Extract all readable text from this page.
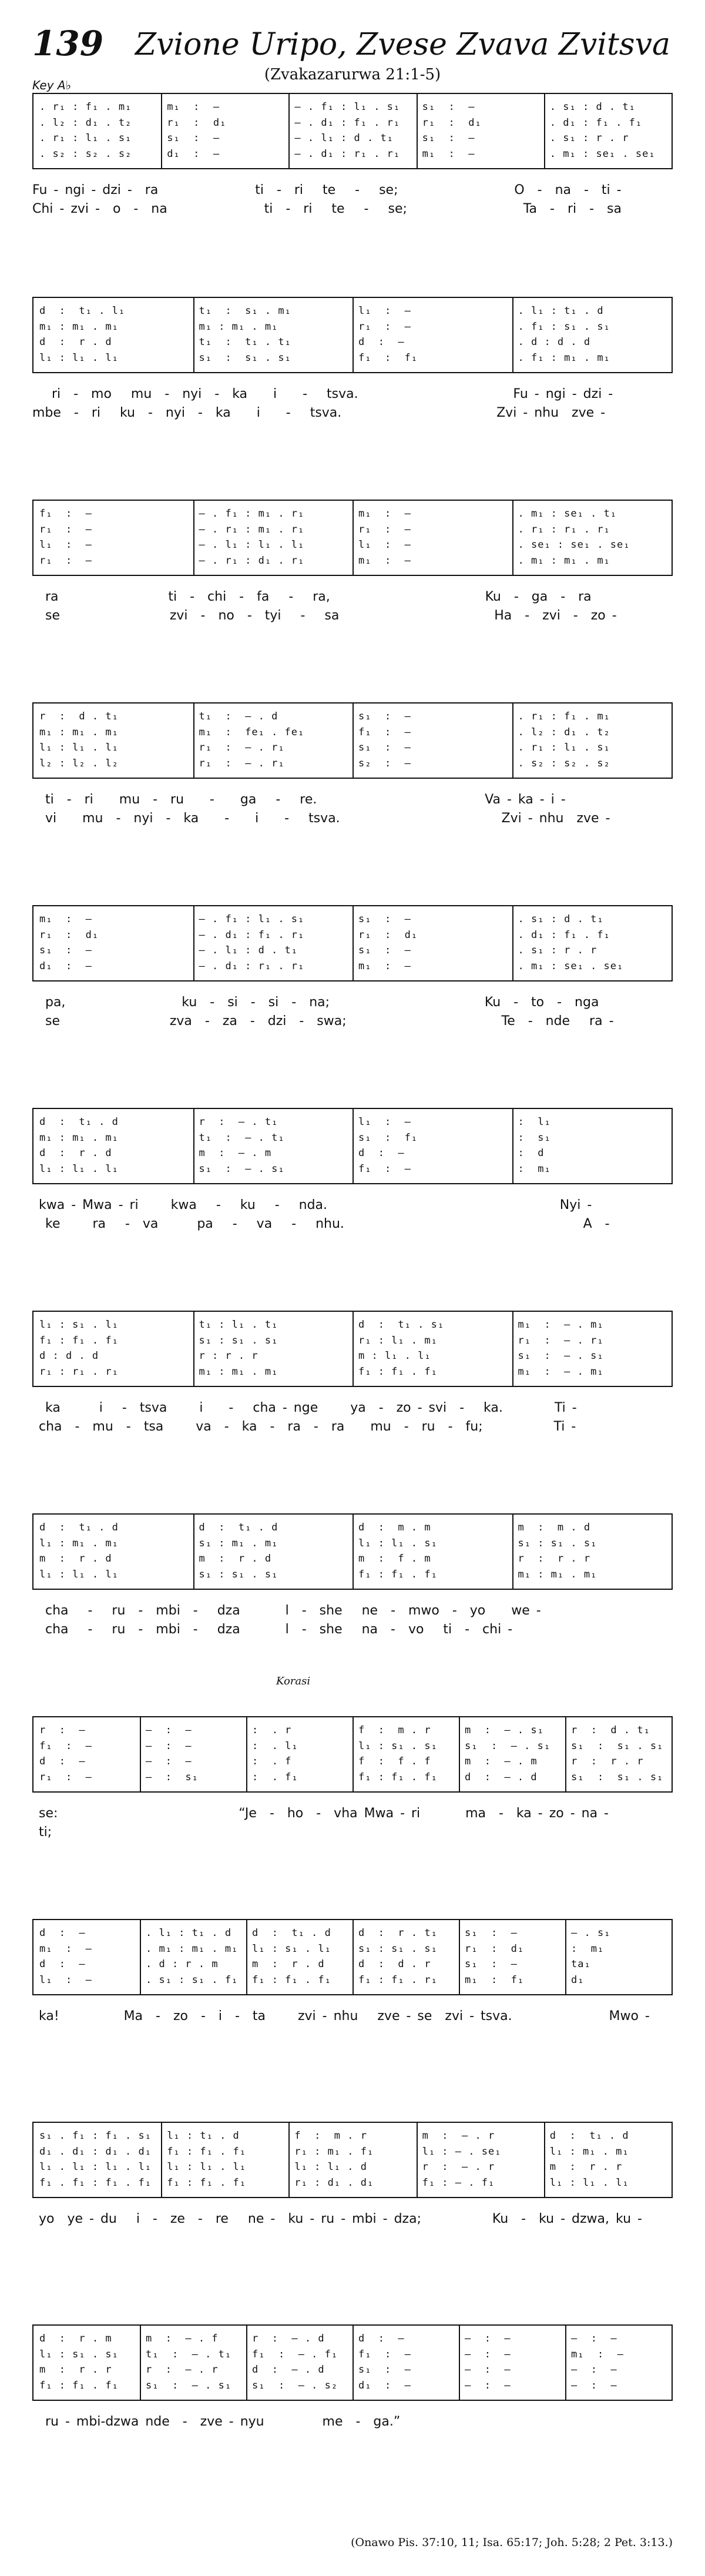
139 Zvione Uripo, Zvese Zvava Zvitsva
(Zvakazarurwa 21:1-5)
Key A♭
. r₁ : f₁ . m₁
. l₂ : d₁ . t₂
. r₁ : l₁ . s₁
. s₂ : s₂ . s₂
m₁  :  —
r₁  :  d₁
s₁  :  —
d₁  :  —
– . f₁ : l₁ . s₁
– . d₁ : f₁ . r₁
– . l₁ : d . t₁
– . d₁ : r₁ . r₁
s₁  :  —
r₁  :  d₁
s₁  :  —
m₁  :  —
. s₁ : d . t₁
. d₁ : f₁ . f₁
. s₁ : r . r
. m₁ : se₁ . se₁
Fu - ngi - dzi -  ra               ti  -  ri   te   -   se;                  O  -  na  -  ti -
Chi - zvi -  o  -  na               ti  -  ri   te   -   se;                  Ta  -  ri  -  sa
d  :  t₁ . l₁
m₁ : m₁ . m₁
d  :  r . d
l₁ : l₁ . l₁
t₁  :  s₁ . m₁
m₁ : m₁ . m₁
t₁  :  t₁ . t₁
s₁  :  s₁ . s₁
l₁  :  —
r₁  :  —
d  :  —
f₁  :  f₁
. l₁ : t₁ . d
. f₁ : s₁ . s₁
. d : d . d
. f₁ : m₁ . m₁
ri  -  mo   mu  -  nyi  -  ka    i    -   tsva.                        Fu - ngi - dzi -
mbe  -  ri   ku  -  nyi  -  ka    i    -   tsva.                        Zvi - nhu  zve -
f₁  :  —
r₁  :  —
l₁  :  —
r₁  :  —
– . f₁ : m₁ . r₁
– . r₁ : m₁ . r₁
– . l₁ : l₁ . l₁
– . r₁ : d₁ . r₁
m₁  :  —
r₁  :  —
l₁  :  —
m₁  :  —
. m₁ : se₁ . t₁
. r₁ : r₁ . r₁
. se₁ : se₁ . se₁
. m₁ : m₁ . m₁
ra                 ti  -  chi  -  fa   -   ra,                        Ku  -  ga  -  ra
se                 zvi  -  no  -  tyi   -   sa                        Ha  -  zvi  -  zo -
r  :  d . t₁
m₁ : m₁ . m₁
l₁ : l₁ . l₁
l₂ : l₂ . l₂
t₁  :  – . d
m₁  :  fe₁ . fe₁
r₁  :  – . r₁
r₁  :  – . r₁
s₁  :  —
f₁  :  —
s₁  :  —
s₂  :  —
. r₁ : f₁ . m₁
. l₂ : d₁ . t₂
. r₁ : l₁ . s₁
. s₂ : s₂ . s₂
ti  -  ri    mu  -  ru    -    ga   -   re.                          Va - ka - i -
vi    mu  -  nyi  -  ka    -    i    -   tsva.                         Zvi - nhu  zve -
m₁  :  —
r₁  :  d₁
s₁  :  —
d₁  :  —
– . f₁ : l₁ . s₁
– . d₁ : f₁ . r₁
– . l₁ : d . t₁
– . d₁ : r₁ . r₁
s₁  :  —
r₁  :  d₁
s₁  :  —
m₁  :  —
. s₁ : d . t₁
. d₁ : f₁ . f₁
. s₁ : r . r
. m₁ : se₁ . se₁
pa,                  ku  -  si  -  si  -  na;                        Ku  -  to  -  nga
se                 zva  -  za  -  dzi  -  swa;                        Te  -  nde   ra -
d  :  t₁ . d
m₁ : m₁ . m₁
d  :  r . d
l₁ : l₁ . l₁
r  :  – . t₁
t₁  :  – . t₁
m  :  – . m
s₁  :  – . s₁
l₁  :  —
s₁  :  f₁
d  :  —
f₁  :  —
:  l₁
:  s₁
:  d
:  m₁
kwa - Mwa - ri     kwa   -   ku   -   nda.                                    Nyi -
ke     ra   -  va      pa   -   va   -   nhu.                                     A  -
l₁ : s₁ . l₁
f₁ : f₁ . f₁
d : d . d
r₁ : r₁ . r₁
t₁ : l₁ . t₁
s₁ : s₁ . s₁
r : r . r
m₁ : m₁ . m₁
d  :  t₁ . s₁
r₁ : l₁ . m₁
m : l₁ . l₁
f₁ : f₁ . f₁
m₁  :  – . m₁
r₁  :  – . r₁
s₁  :  – . s₁
m₁  :  – . m₁
ka      i   -  tsva     i    -   cha - nge     ya  -  zo - svi  -   ka.        Ti -
cha  -  mu  -  tsa     va  -  ka  -  ra  -  ra    mu  -  ru  -  fu;           Ti -
d  :  t₁ . d
l₁ : m₁ . m₁
m  :  r . d
l₁ : l₁ . l₁
d  :  t₁ . d
s₁ : m₁ . m₁
m  :  r . d
s₁ : s₁ . s₁
d  :  m . m
l₁ : l₁ . s₁
m  :  f . m
f₁ : f₁ . f₁
m  :  m . d
s₁ : s₁ . s₁
r  :  r . r
m₁ : m₁ . m₁
cha   -   ru  -  mbi  -   dza       l  -  she   ne  -  mwo  -  yo    we -
cha   -   ru  -  mbi  -   dza       l  -  she   na  -  vo   ti  -  chi -
r  :  —
f₁  :  —
d  :  —
r₁  :  —
—  :  —
—  :  —
—  :  —
—  :  s₁
:  . r
:  . l₁
:  . f
:  . f₁
f  :  m . r
l₁ : s₁ . s₁
f  :  f . f
f₁ : f₁ . f₁
m  :  – . s₁
s₁  :  – . s₁
m  :  – . m
d  :  – . d
r  :  d . t₁
s₁  :  s₁ . s₁
r  :  r . r
s₁  :  s₁ . s₁
se:                            “Je  -  ho  -  vha Mwa - ri       ma  -  ka - zo - na -
ti;
d  :  —
m₁  :  —
d  :  —
l₁  :  —
. l₁ : t₁ . d
. m₁ : m₁ . m₁
. d : r . m
. s₁ : s₁ . f₁
d  :  t₁ . d
l₁ : s₁ . l₁
m  :  r . d
f₁ : f₁ . f₁
d  :  r . t₁
s₁ : s₁ . s₁
d  :  d . r
f₁ : f₁ . r₁
s₁  :  —
r₁  :  d₁
s₁  :  —
m₁  :  f₁
– . s₁
:  m₁
ta₁
d₁
ka!          Ma  -  zo  -  i  -  ta     zvi - nhu   zve - se  zvi - tsva.               Mwo -
s₁ . f₁ : f₁ . s₁
d₁ . d₁ : d₁ . d₁
l₁ . l₁ : l₁ . l₁
f₁ . f₁ : f₁ . f₁
l₁ : t₁ . d
f₁ : f₁ . f₁
l₁ : l₁ . l₁
f₁ : f₁ . f₁
f  :  m . r
r₁ : m₁ . f₁
l₁ : l₁ . d
r₁ : d₁ . d₁
m  :  – . r
l₁ : – . se₁
r  :  – . r
f₁ : – . f₁
d  :  t₁ . d
l₁ : m₁ . m₁
m  :  r . r
l₁ : l₁ . l₁
yo  ye - du   i  -  ze  -  re   ne -  ku - ru - mbi - dza;           Ku  -  ku - dzwa, ku -
d  :  r . m
l₁ : s₁ . s₁
m  :  r . r
f₁ : f₁ . f₁
m  :  – . f
t₁  :  – . t₁
r  :  – . r
s₁  :  – . s₁
r  :  – . d
f₁  :  – . f₁
d  :  – . d
s₁  :  – . s₂
d  :  —
f₁  :  —
s₁  :  —
d₁  :  —
—  :  —
—  :  —
—  :  —
—  :  —
—  :  —
m₁  :  —
—  :  —
—  :  —
ru - mbi-dzwa nde  -  zve - nyu         me  -  ga.”
Korasi
(Onawo Pis. 37:10, 11; Isa. 65:17; Joh. 5:28; 2 Pet. 3:13.)
